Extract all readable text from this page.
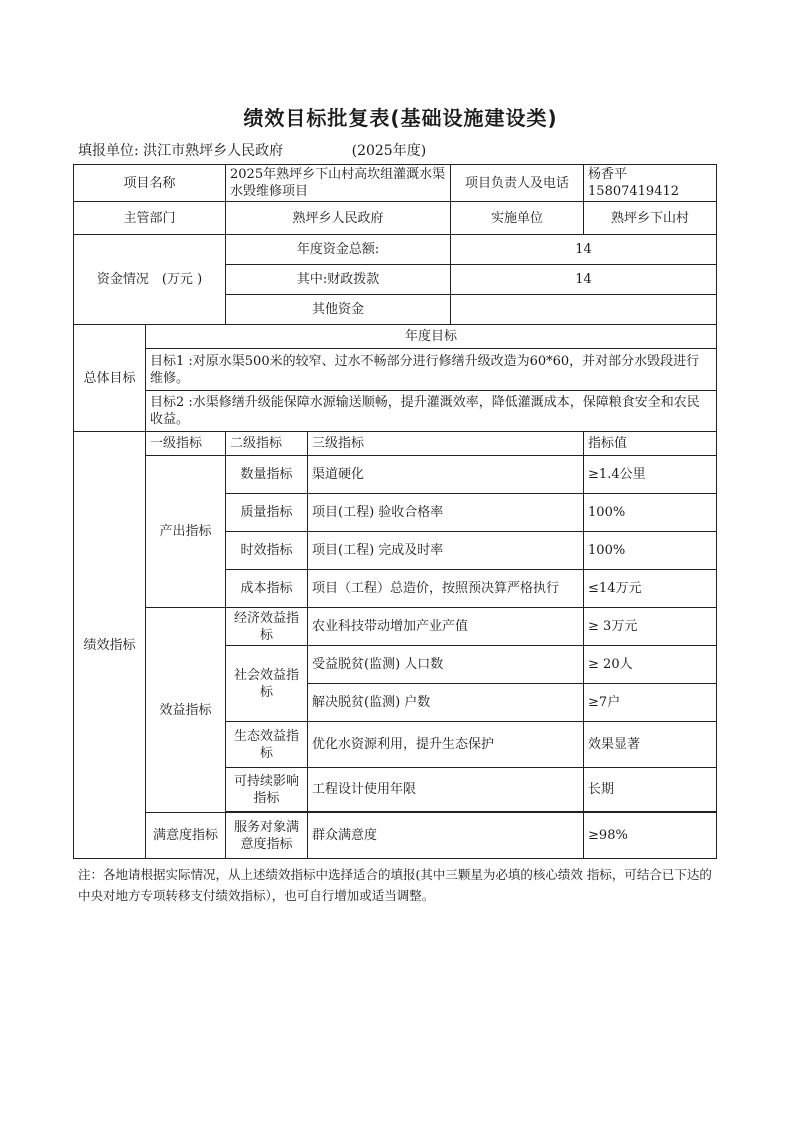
绩效目标批复表(基础设施建设类)
填报单位: 洪江市熟坪乡人民政府	(2025年度)
项目名称		2025年熟坪乡下山村高坎组灌溉水渠水毁维修项目		项目负责人及电话	杨香平15807419412
主管部门		熟坪乡人民政府		实施单位	熟坪乡下山村
资金情况　(万元 )		年度资金总额:		14	
		其中:财政拨款		14	
		其他资金			
总体目标	年度目标				
	目标1 :对原水渠500米的较窄、过水不畅部分进行修缮升级改造为60*60，并对部分水毁段进行维修。				
	目标2 :水渠修缮升级能保障水源输送顺畅，提升灌溉效率，降低灌溉成本，保障粮食安全和农民收益。				
绩效指标	一级指标	二级指标	三级指标		指标值
	产出指标	数量指标	渠道硬化		≥1.4公里
		质量指标	项目(工程) 验收合格率		100%
		时效指标	项目(工程) 完成及时率		100%
		成本指标	项目（工程）总造价，按照预决算严格执行		≤14万元
	效益指标	经济效益指标	农业科技带动增加产业产值		≥ 3万元
		社会效益指标	受益脱贫(监测) 人口数		≥ 20人
			解决脱贫(监测) 户数		≥7户
		生态效益指标	优化水资源利用，提升生态保护		效果显著
		可持续影响指标	工程设计使用年限		长期

	满意度指标	服务对象满意度指标	群众满意度		≥98%
注：各地请根据实际情况，从上述绩效指标中选择适合的填报(其中三颗星为必填的核心绩效 指标，可结合已下达的中央对地方专项转移支付绩效指标），也可自行增加或适当调整。
